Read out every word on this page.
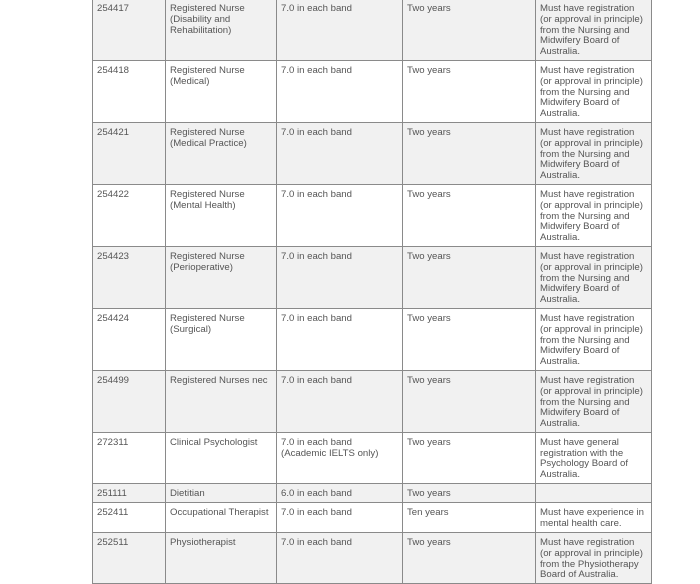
254417	Registered Nurse (Disability and Rehabilitation)	7.0 in each band	Two years	Must have registration (or approval in principle) from the Nursing and Midwifery Board of Australia.
254418	Registered Nurse (Medical)	7.0 in each band	Two years	Must have registration (or approval in principle) from the Nursing and Midwifery Board of Australia.
254421	Registered Nurse (Medical Practice)	7.0 in each band	Two years	Must have registration (or approval in principle) from the Nursing and Midwifery Board of Australia.
254422	Registered Nurse (Mental Health)	7.0 in each band	Two years	Must have registration (or approval in principle) from the Nursing and Midwifery Board of Australia.
254423	Registered Nurse (Perioperative)	7.0 in each band	Two years	Must have registration (or approval in principle) from the Nursing and Midwifery Board of Australia.
254424	Registered Nurse (Surgical)	7.0 in each band	Two years	Must have registration (or approval in principle) from the Nursing and Midwifery Board of Australia.
254499	Registered Nurses nec	7.0 in each band	Two years	Must have registration (or approval in principle) from the Nursing and Midwifery Board of Australia.
272311	Clinical Psychologist	7.0 in each band (Academic IELTS only)	Two years	Must have general registration with the Psychology Board of Australia.
251111	Dietitian	6.0 in each band	Two years	
252411	Occupational Therapist	7.0 in each band	Ten years	Must have experience in mental health care.
252511	Physiotherapist	7.0 in each band	Two years	Must have registration (or approval in principle) from the Physiotherapy Board of Australia.
